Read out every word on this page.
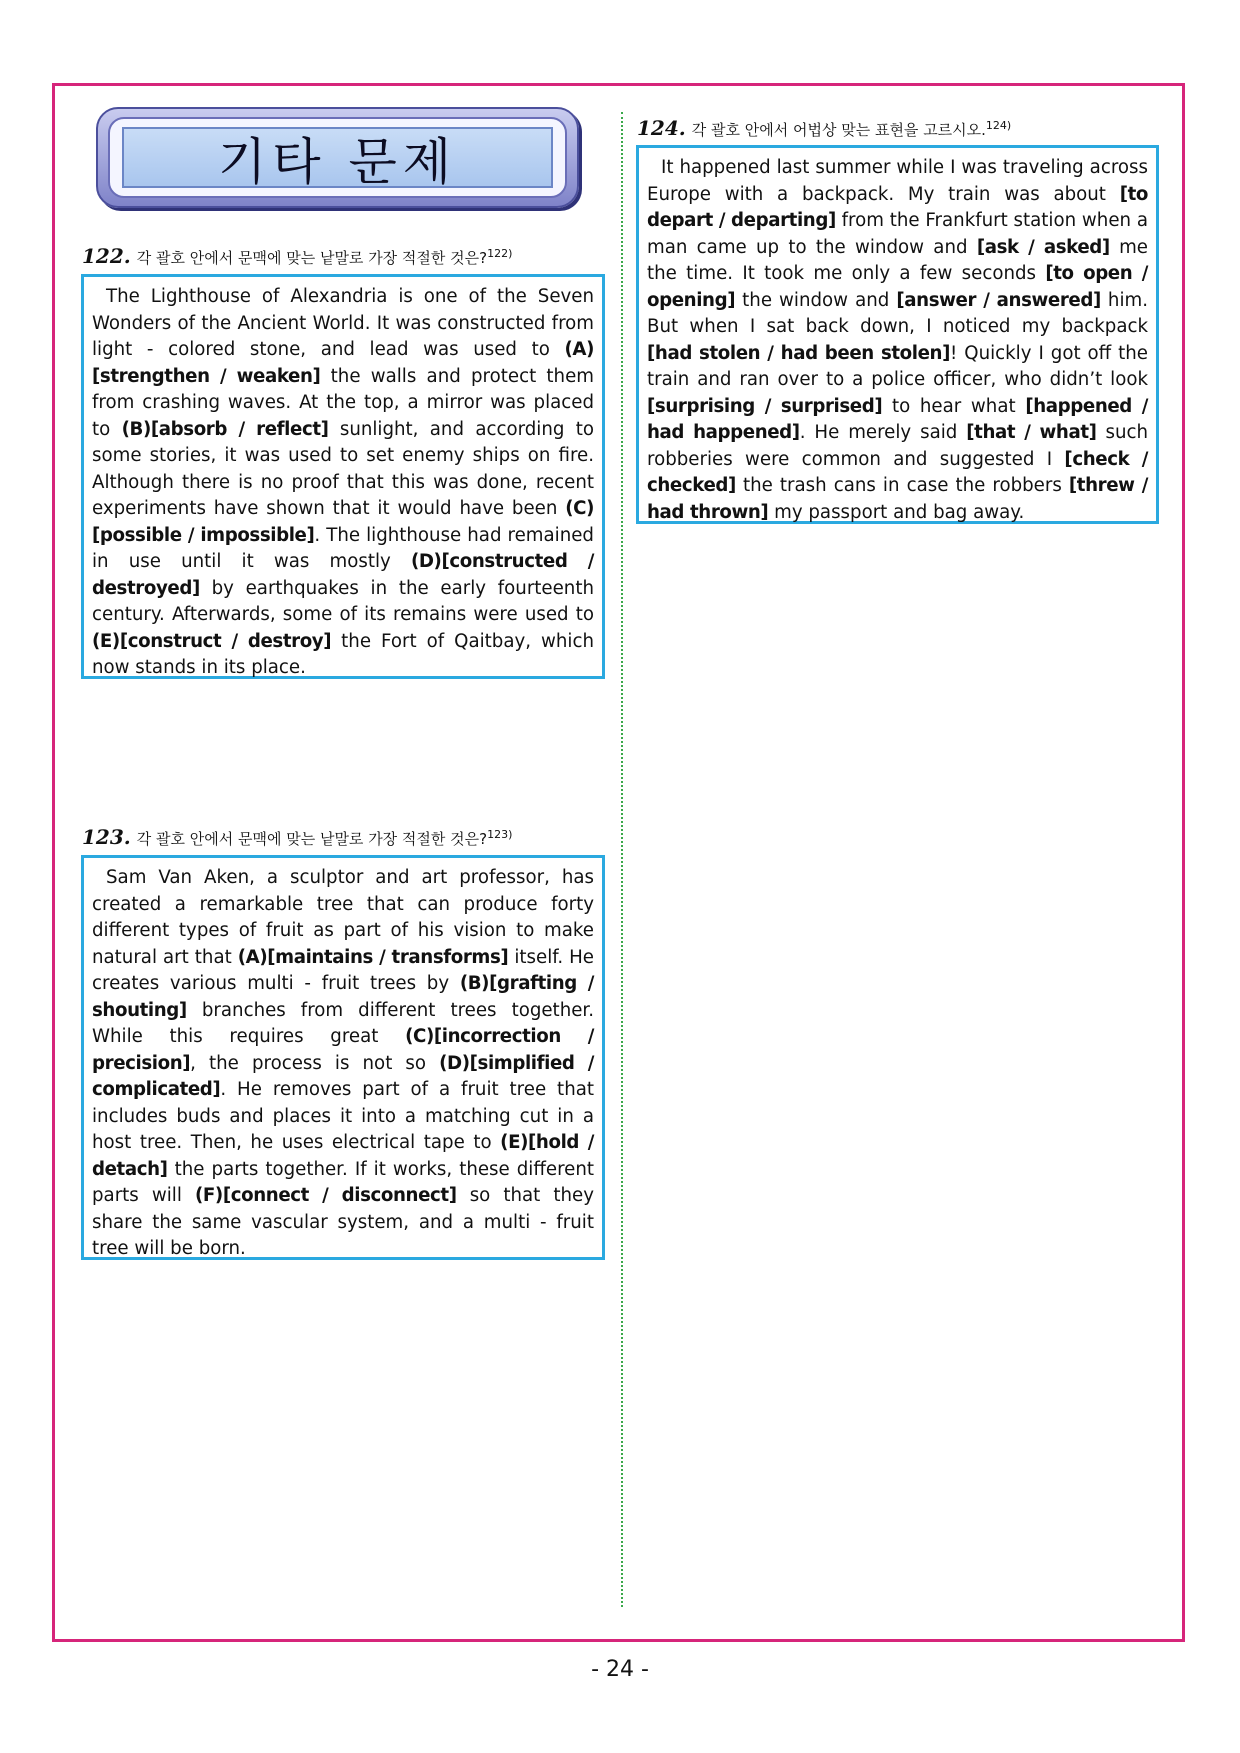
기타 문제
122. 각 괄호 안에서 문맥에 맞는 낱말로 가장 적절한 것은?$^{122)}$

The Lighthouse of Alexandria is one of the Seven Wonders of the Ancient World. It was constructed from light - colored stone, and lead was used to (A)[strengthen / weaken] the walls and protect them from crashing waves. At the top, a mirror was placed to (B)[absorb / reflect] sunlight, and according to some stories, it was used to set enemy ships on fire. Although there is no proof that this was done, recent experiments have shown that it would have been (C)[possible / impossible]. The lighthouse had remained in use until it was mostly (D)[constructed / destroyed] by earthquakes in the early fourteenth century. Afterwards, some of its remains were used to (E)[construct / destroy] the Fort of Qaitbay, which now stands in its place.

123. 각 괄호 안에서 문맥에 맞는 낱말로 가장 적절한 것은?$^{123)}$

Sam Van Aken, a sculptor and art professor, has created a remarkable tree that can produce forty different types of fruit as part of his vision to make natural art that (A)[maintains / transforms] itself. He creates various multi - fruit trees by (B)[grafting / shouting] branches from different trees together. While this requires great (C)[incorrection / precision], the process is not so (D)[simplified / complicated]. He removes part of a fruit tree that includes buds and places it into a matching cut in a host tree. Then, he uses electrical tape to (E)[hold / detach] the parts together. If it works, these different parts will (F)[connect / disconnect] so that they share the same vascular system, and a multi - fruit tree will be born.

124. 각 괄호 안에서 어법상 맞는 표현을 고르시오.$^{124)}$

It happened last summer while I was traveling across Europe with a backpack. My train was about [to depart / departing] from the Frankfurt station when a man came up to the window and [ask / asked] me the time. It took me only a few seconds [to open / opening] the window and [answer / answered] him. But when I sat back down, I noticed my backpack [had stolen / had been stolen]! Quickly I got off the train and ran over to a police officer, who didn’t look [surprising / surprised] to hear what [happened / had happened]. He merely said [that / what] such robberies were common and suggested I [check / checked] the trash cans in case the robbers [threw / had thrown] my passport and bag away.

- 24 -
